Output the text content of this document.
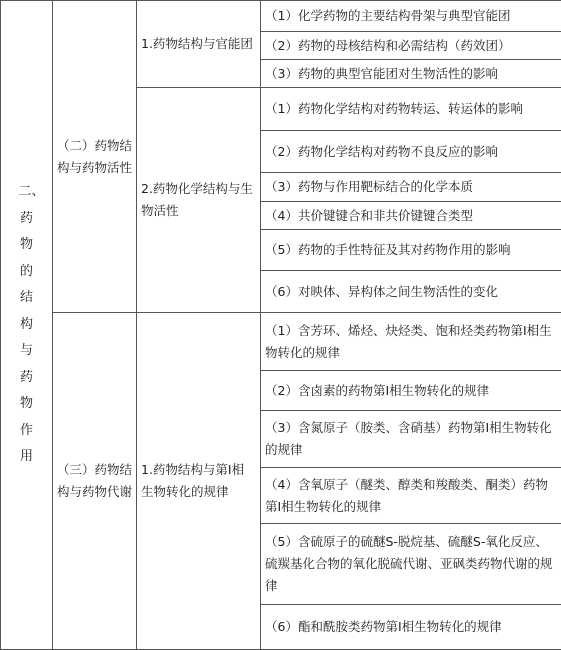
二、药物的结构与药物作用	（二）药物结构与药物活性	1.药物结构与官能团	（1）化学药物的主要结构骨架与典型官能团
			（2）药物的母核结构和必需结构（药效团）
			（3）药物的典型官能团对生物活性的影响
		2.药物化学结构与生物活性	（1）药物化学结构对药物转运、转运体的影响
			（2）药物化学结构对药物不良反应的影响
			（3）药物与作用靶标结合的化学本质
			（4）共价键键合和非共价键键合类型
			（5）药物的手性特征及其对药物作用的影响
			（6）对映体、异构体之间生物活性的变化
	（三）药物结构与药物代谢	1.药物结构与第Ⅰ相生物转化的规律	（1）含芳环、烯烃、炔烃类、饱和烃类药物第Ⅰ相生物转化的规律
			（2）含卤素的药物第Ⅰ相生物转化的规律
			（3）含氮原子（胺类、含硝基）药物第Ⅰ相生物转化的规律
			（4）含氧原子（醚类、醇类和羧酸类、酮类）药物第Ⅰ相生物转化的规律
			（5）含硫原子的硫醚S-脱烷基、硫醚S-氧化反应、硫羰基化合物的氧化脱硫代谢、亚砜类药物代谢的规律
			（6）酯和酰胺类药物第Ⅰ相生物转化的规律
